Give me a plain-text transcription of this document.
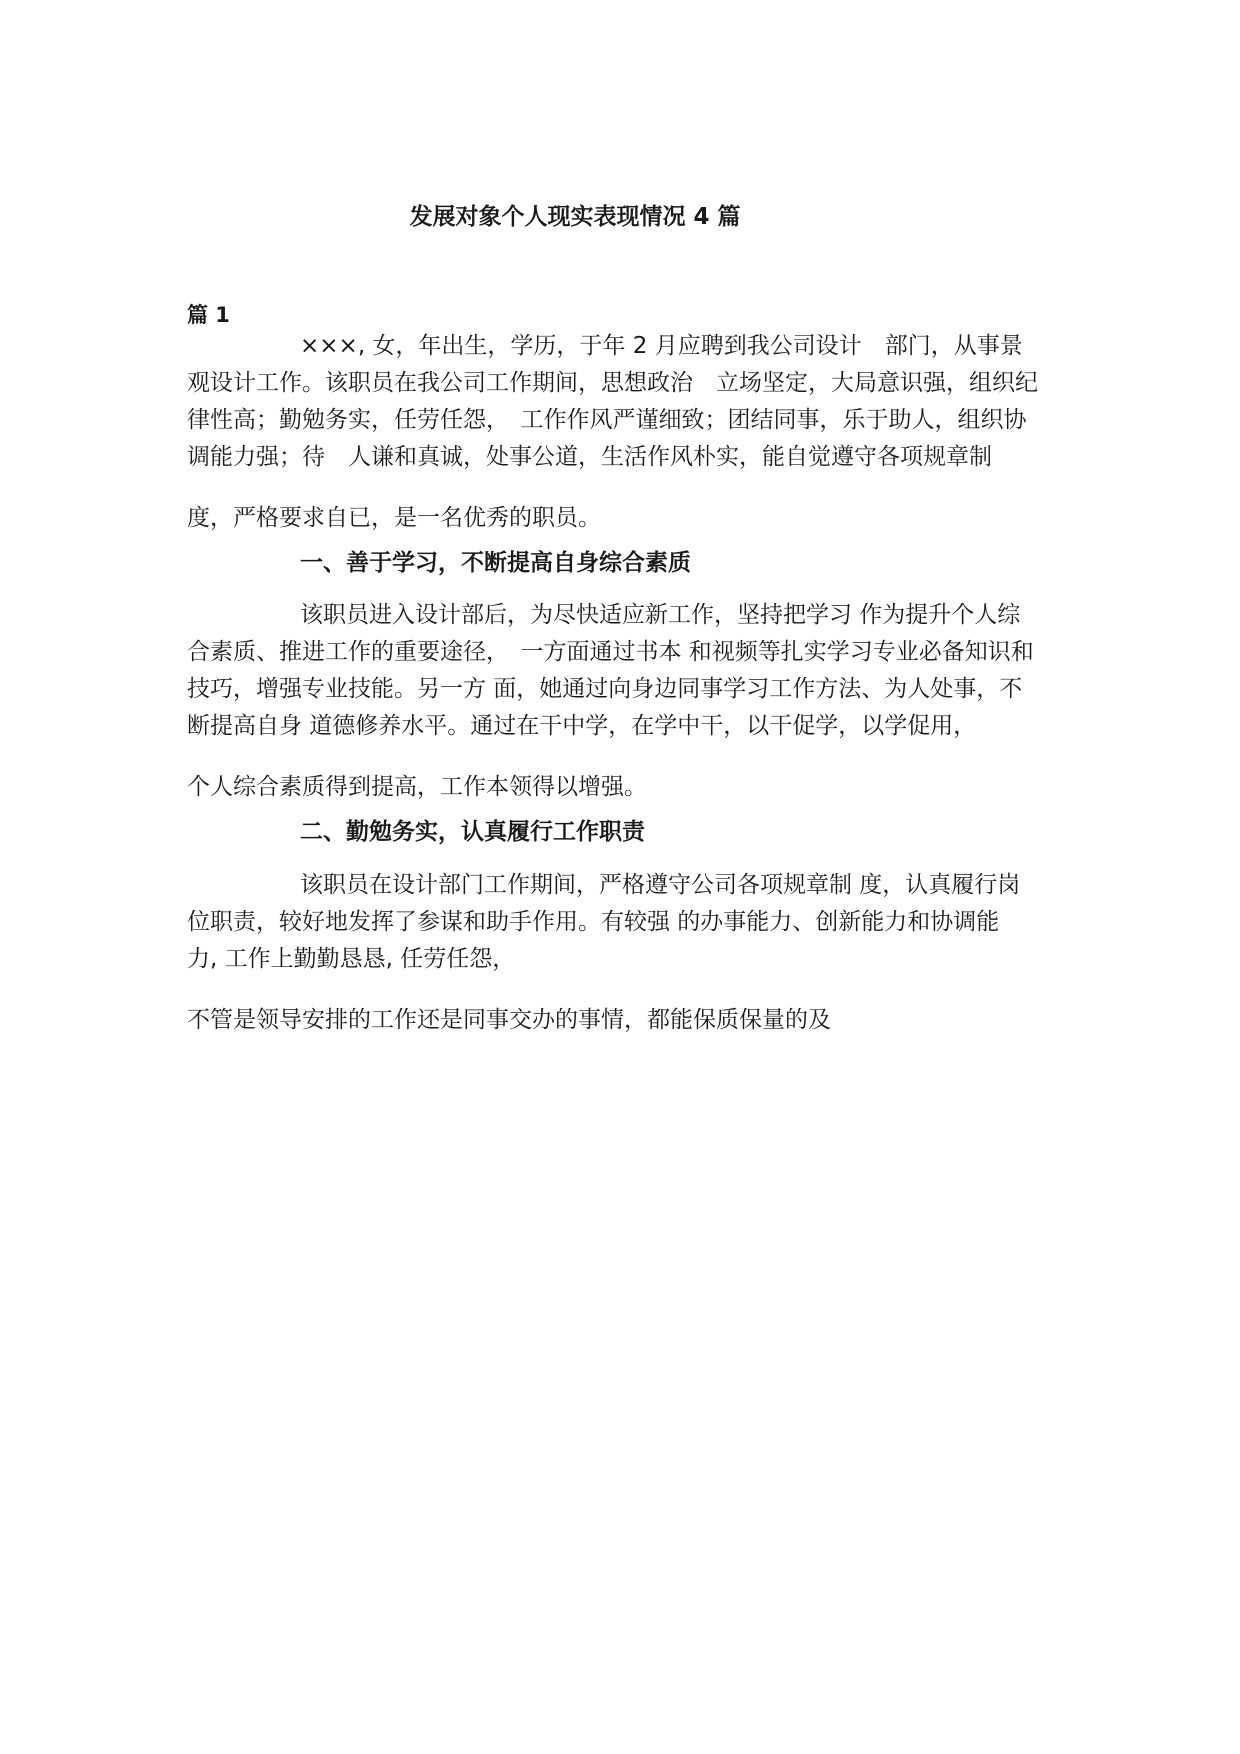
发展对象个人现实表现情况 4 篇
篇 1
×××, 女，年出生，学历，于年 2 月应聘到我公司设计　部门，从事景
观设计工作。该职员在我公司工作期间，思想政治　立场坚定，大局意识强，组织纪
律性高；勤勉务实，任劳任怨，　工作作风严谨细致；团结同事，乐于助人，组织协
调能力强；待　人谦和真诚，处事公道，生活作风朴实，能自觉遵守各项规章制
度，严格要求自已，是一名优秀的职员。
一、善于学习，不断提高自身综合素质
该职员进入设计部后，为尽快适应新工作，坚持把学习 作为提升个人综
合素质、推进工作的重要途径，　一方面通过书本 和视频等扎实学习专业必备知识和
技巧，增强专业技能。另一方 面，她通过向身边同事学习工作方法、为人处事，不
断提高自身 道德修养水平。通过在干中学，在学中干，以干促学，以学促用，
个人综合素质得到提高，工作本领得以增强。
二、勤勉务实，认真履行工作职责
该职员在设计部门工作期间，严格遵守公司各项规章制 度，认真履行岗
位职责，较好地发挥了参谋和助手作用。有较强 的办事能力、创新能力和协调能
力, 工作上勤勤恳恳, 任劳任怨，
不管是领导安排的工作还是同事交办的事情，都能保质保量的及
